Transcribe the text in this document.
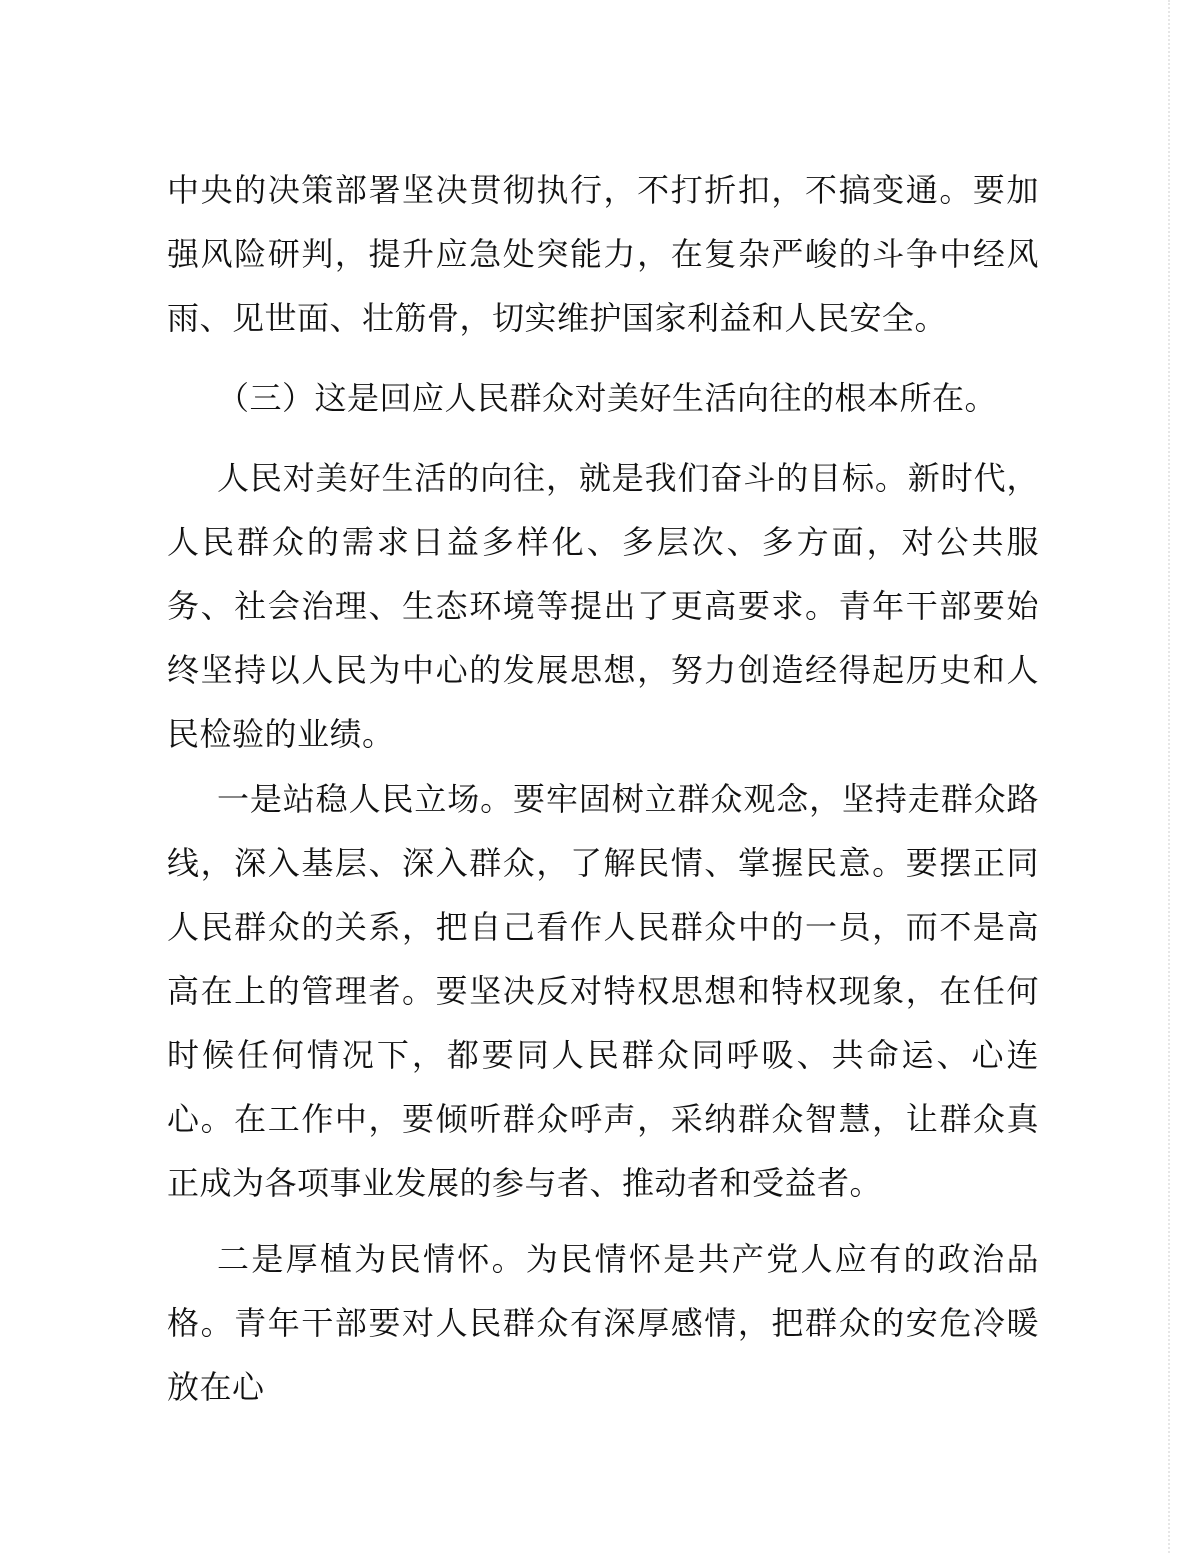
中央的决策部署坚决贯彻执行，不打折扣，不搞变通。要加强风险研判，提升应急处突能力，在复杂严峻的斗争中经风雨、见世面、壮筋骨，切实维护国家利益和人民安全。

（三）这是回应人民群众对美好生活向往的根本所在。

人民对美好生活的向往，就是我们奋斗的目标。新时代，人民群众的需求日益多样化、多层次、多方面，对公共服务、社会治理、生态环境等提出了更高要求。青年干部要始终坚持以人民为中心的发展思想，努力创造经得起历史和人民检验的业绩。

一是站稳人民立场。要牢固树立群众观念，坚持走群众路线，深入基层、深入群众，了解民情、掌握民意。要摆正同人民群众的关系，把自己看作人民群众中的一员，而不是高高在上的管理者。要坚决反对特权思想和特权现象，在任何时候任何情况下，都要同人民群众同呼吸、共命运、心连心。在工作中，要倾听群众呼声，采纳群众智慧，让群众真正成为各项事业发展的参与者、推动者和受益者。

二是厚植为民情怀。为民情怀是共产党人应有的政治品格。青年干部要对人民群众有深厚感情，把群众的安危冷暖放在心
